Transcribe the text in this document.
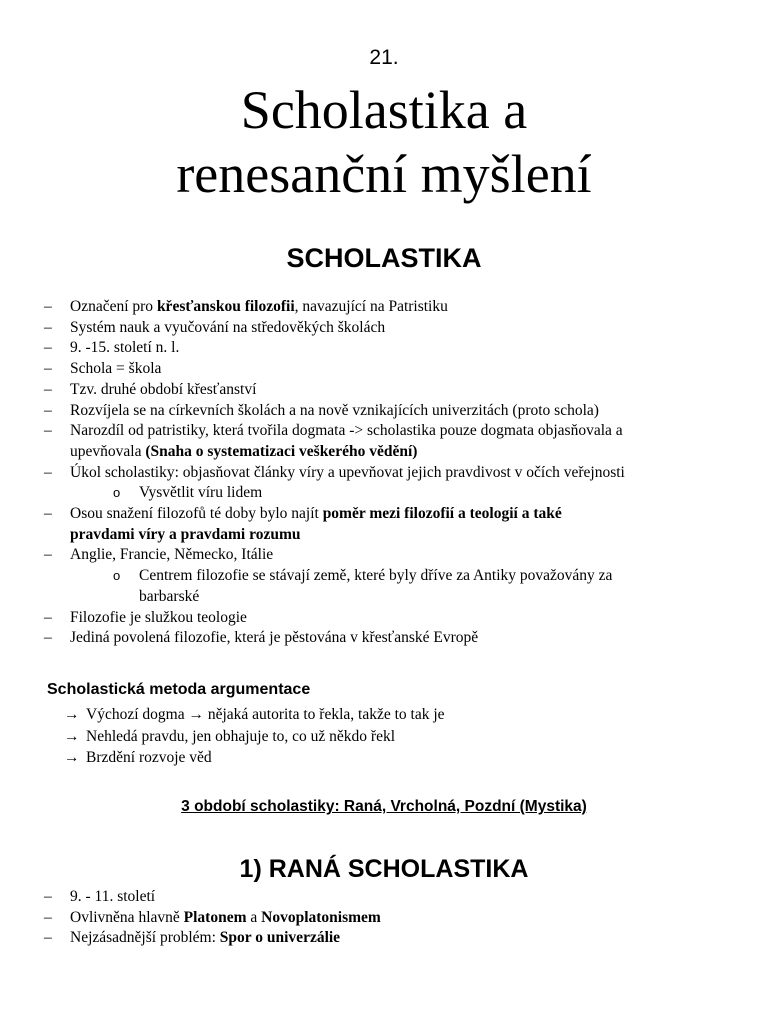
21.
Scholastika a
renesanční myšlení
SCHOLASTIKA
– Označení pro křesťanskou filozofii, navazující na Patristiku
– Systém nauk a vyučování na středověkých školách
– 9. -15. století n. l.
– Schola = škola
– Tzv. druhé období křesťanství
– Rozvíjela se na církevních školách a na nově vznikajících univerzitách (proto schola)
– Narozdíl od patristiky, která tvořila dogmata -> scholastika pouze dogmata objasňovala a
upevňovala (Snaha o systematizaci veškerého vědění)
– Úkol scholastiky: objasňovat články víry a upevňovat jejich pravdivost v očích veřejnosti
o Vysvětlit víru lidem
– Osou snažení filozofů té doby bylo najít poměr mezi filozofií a teologií a také
pravdami víry a pravdami rozumu
– Anglie, Francie, Německo, Itálie
o Centrem filozofie se stávají země, které byly dříve za Antiky považovány za
barbarské
– Filozofie je služkou teologie
– Jediná povolená filozofie, která je pěstována v křesťanské Evropě
Scholastická metoda argumentace
→ Výchozí dogma → nějaká autorita to řekla, takže to tak je
→ Nehledá pravdu, jen obhajuje to, co už někdo řekl
→ Brzdění rozvoje věd
3 období scholastiky: Raná, Vrcholná, Pozdní (Mystika)
1) RANÁ SCHOLASTIKA
– 9. - 11. století
– Ovlivněna hlavně Platonem a Novoplatonismem
– Nejzásadnější problém: Spor o univerzálie
